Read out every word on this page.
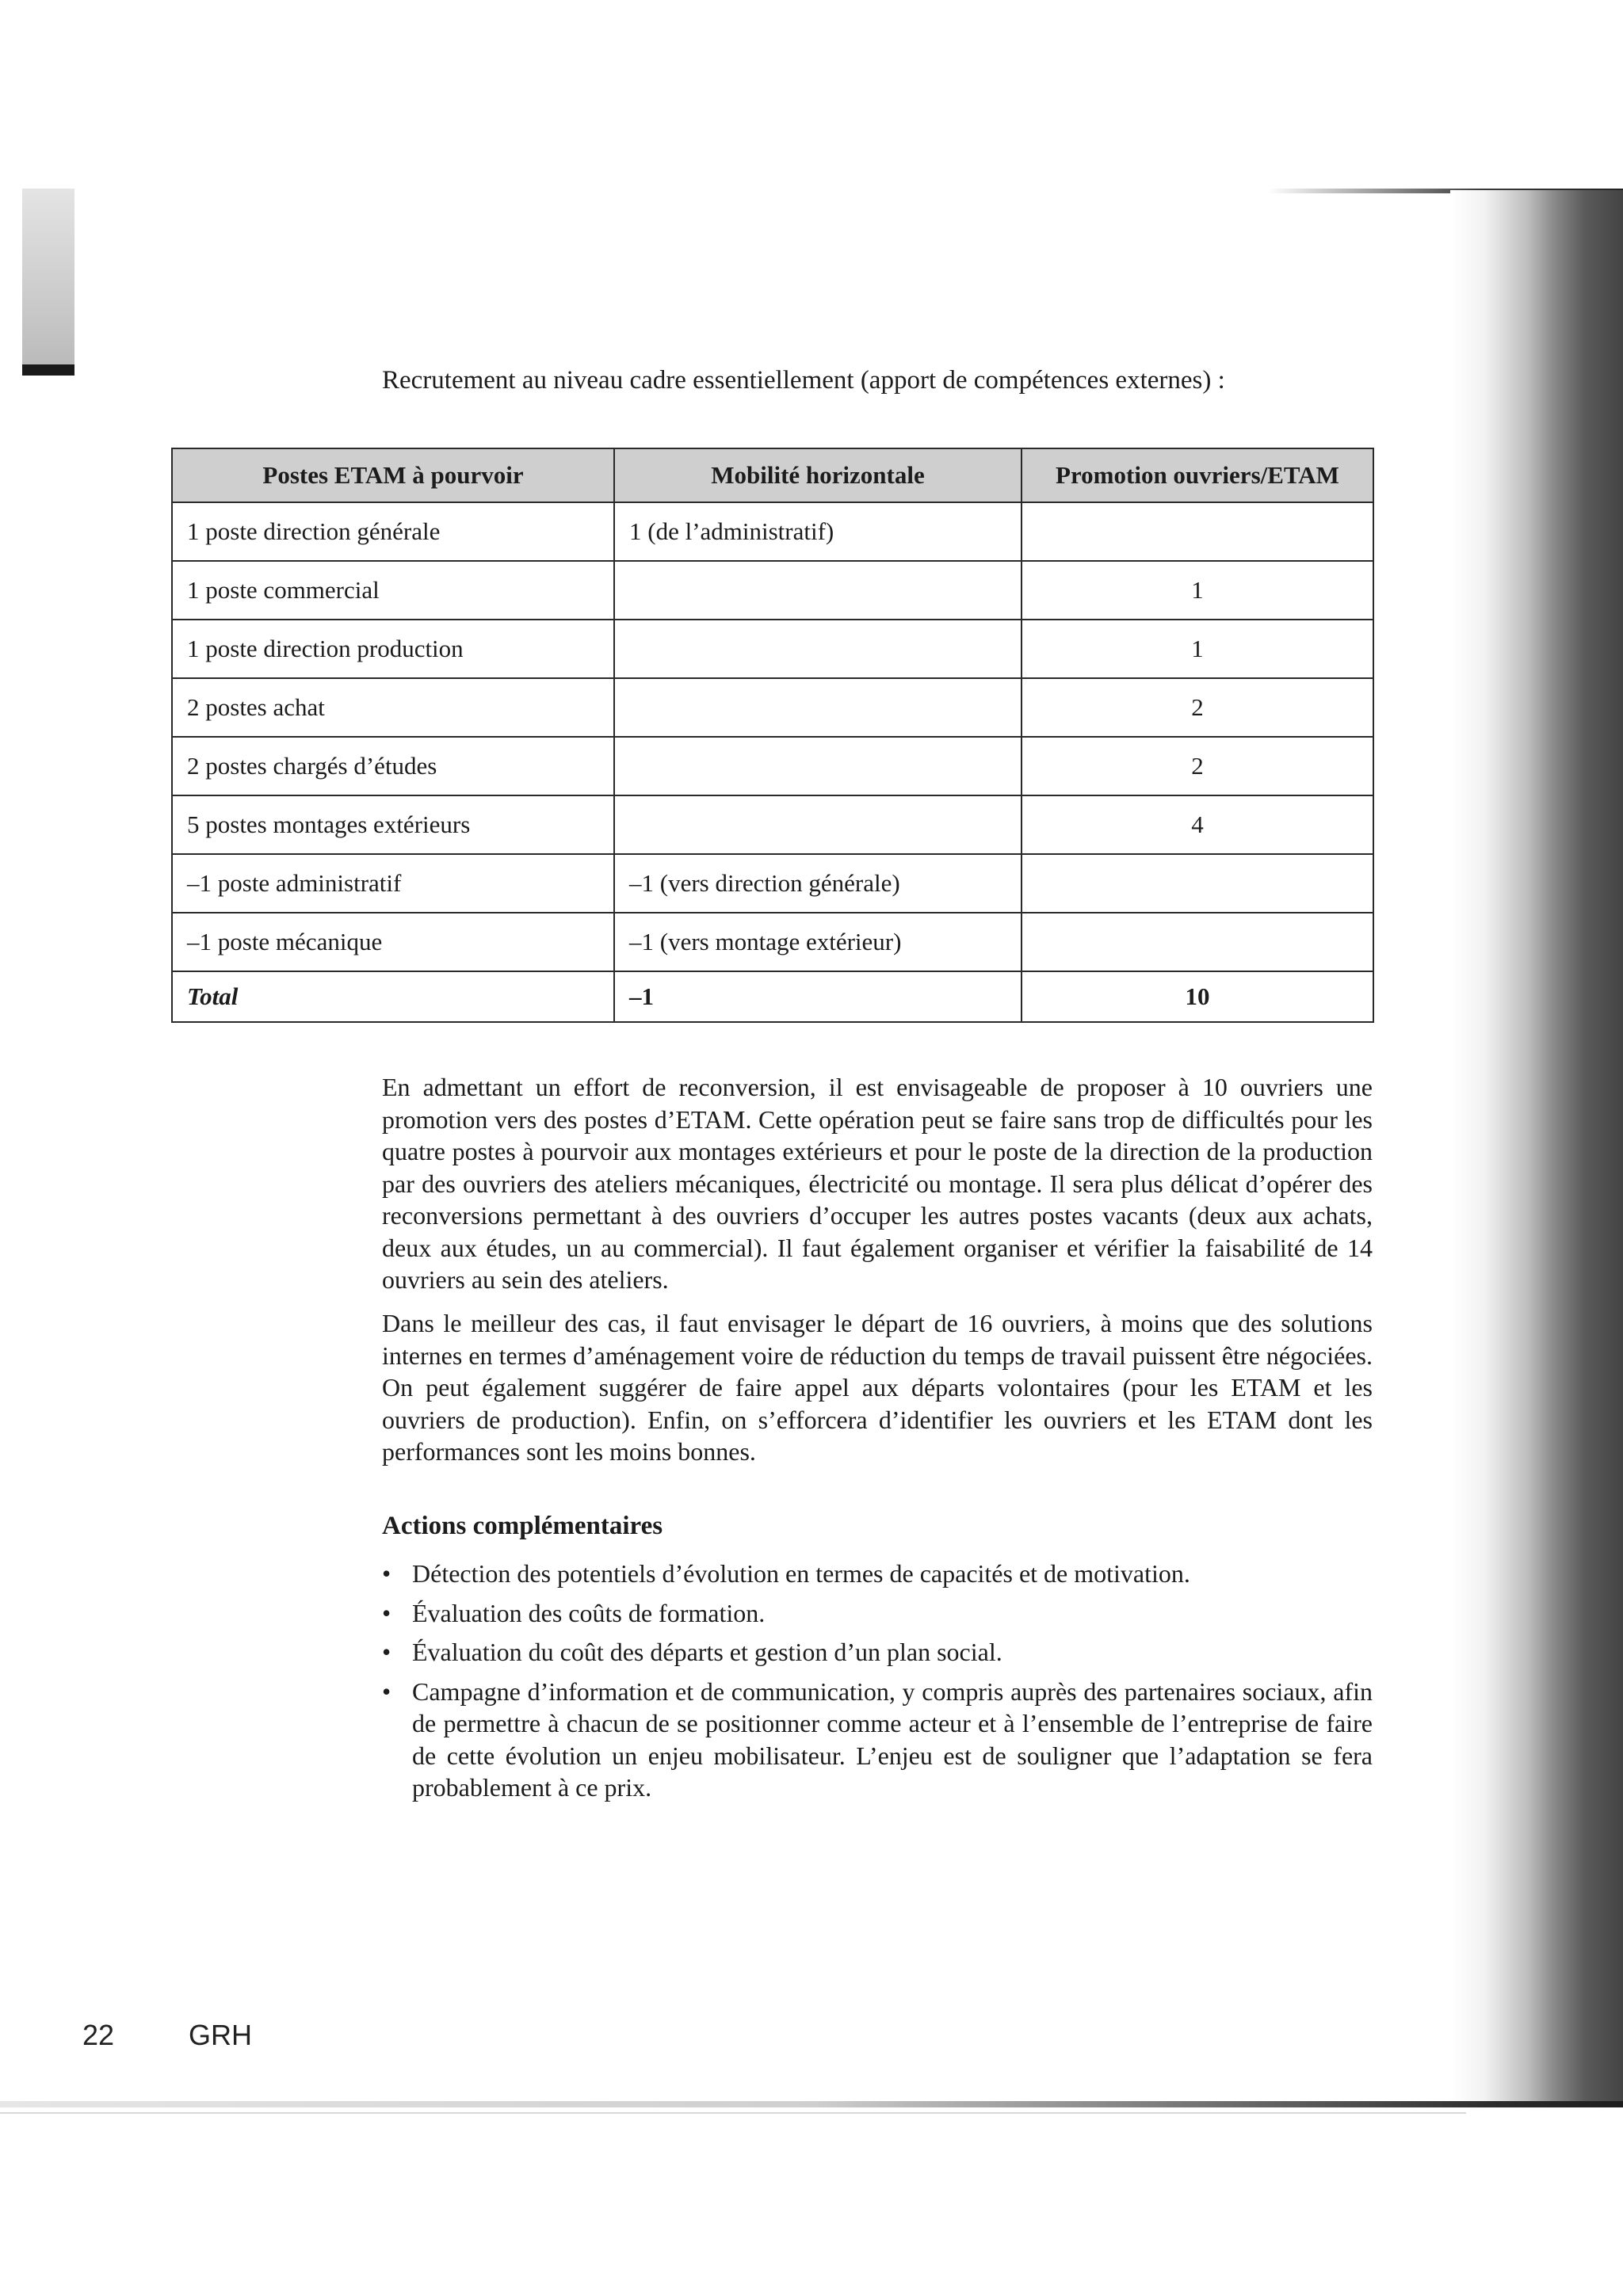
Recrutement au niveau cadre essentiellement (apport de compétences externes) :
Postes ETAM à pourvoir	Mobilité horizontale	Promotion ouvriers/ETAM
1 poste direction générale	1 (de l’administratif)	
1 poste commercial		1
1 poste direction production		1
2 postes achat		2
2 postes chargés d’études		2
5 postes montages extérieurs		4
–1 poste administratif	–1 (vers direction générale)	
–1 poste mécanique	–1 (vers montage extérieur)	
Total	–1	10

En admettant un effort de reconversion, il est envisageable de proposer à 10 ouvriers une promotion vers des postes d’ETAM. Cette opération peut se faire sans trop de difficultés pour les quatre postes à pourvoir aux montages extérieurs et pour le poste de la direction de la production par des ouvriers des ateliers mécaniques, électricité ou montage. Il sera plus délicat d’opérer des reconversions permettant à des ouvriers d’occuper les autres postes vacants (deux aux achats, deux aux études, un au commercial). Il faut également organiser et vérifier la faisabilité de 14 ouvriers au sein des ateliers.

Dans le meilleur des cas, il faut envisager le départ de 16 ouvriers, à moins que des solutions internes en termes d’aménagement voire de réduction du temps de travail puissent être négociées. On peut également suggérer de faire appel aux départs volontaires (pour les ETAM et les ouvriers de production). Enfin, on s’efforcera d’identifier les ouvriers et les ETAM dont les performances sont les moins bonnes.

Actions complémentaires
• Détection des potentiels d’évolution en termes de capacités et de motivation.
• Évaluation des coûts de formation.
• Évaluation du coût des départs et gestion d’un plan social.
• Campagne d’information et de communication, y compris auprès des partenaires sociaux, afin de permettre à chacun de se positionner comme acteur et à l’ensemble de l’entreprise de faire de cette évolution un enjeu mobilisateur. L’enjeu est de souligner que l’adaptation se fera probablement à ce prix.
22	GRH
